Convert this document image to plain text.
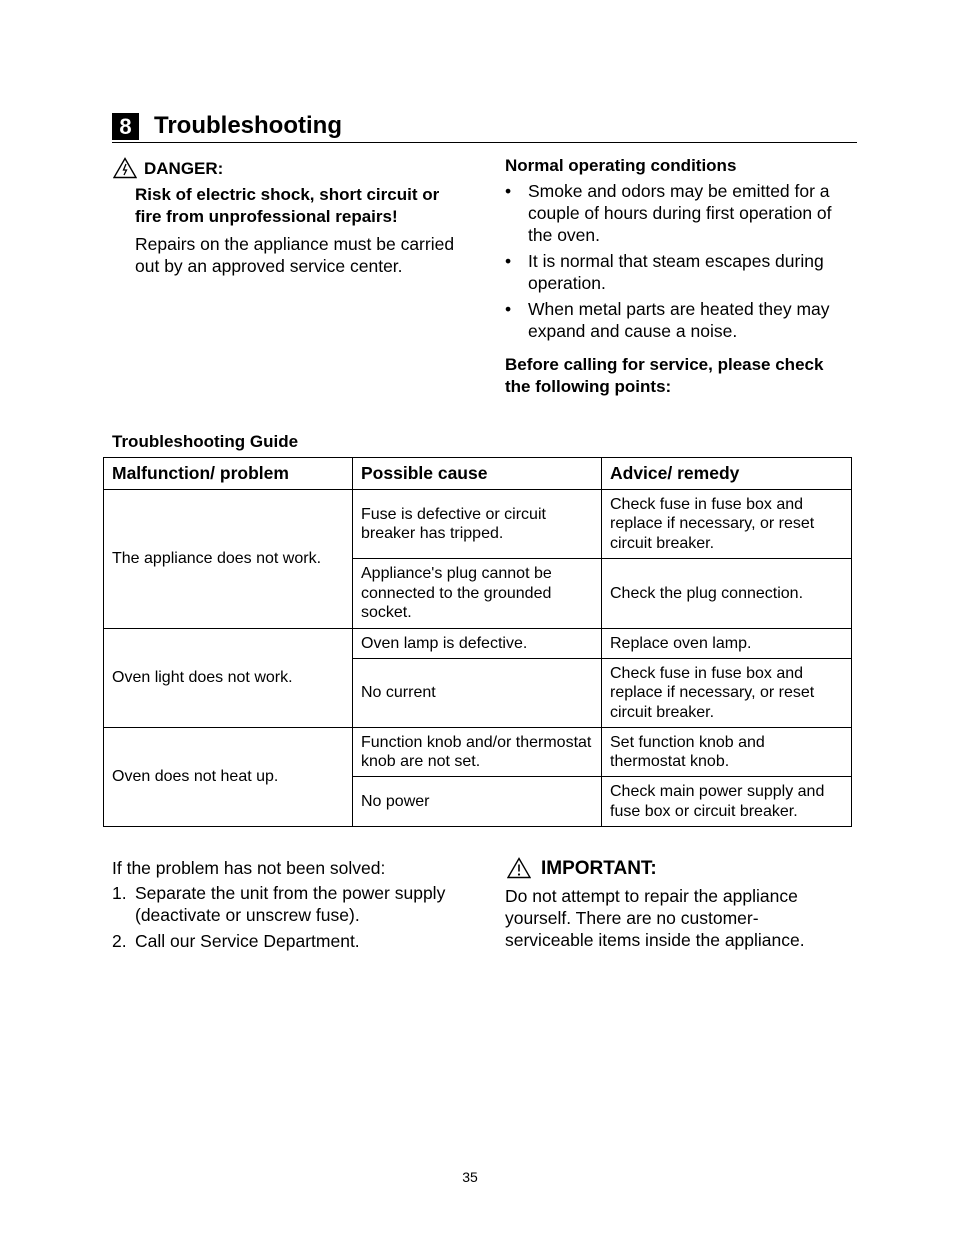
8 Troubleshooting
DANGER:
Risk of electric shock, short circuit or fire from unprofessional repairs!
Repairs on the appliance must be carried out by an approved service center.
Normal operating conditions
• Smoke and odors may be emitted for a couple of hours during first operation of the oven.
• It is normal that steam escapes during operation.
• When metal parts are heated they may expand and cause a noise.
Before calling for service, please check the following points:
Troubleshooting Guide
Malfunction/ problem	Possible cause	Advice/ remedy
The appliance does not work.	Fuse is defective or circuit breaker has tripped.	Check fuse in fuse box and replace if necessary, or reset circuit breaker.
	Appliance's plug cannot be connected to the grounded socket.	Check the plug connection.
Oven light does not work.	Oven lamp is defective.	Replace oven lamp.
	No current	Check fuse in fuse box and replace if necessary, or reset circuit breaker.
Oven does not heat up.	Function knob and/or thermostat knob are not set.	Set function knob and thermostat knob.
	No power	Check main power supply and fuse box or circuit breaker.
If the problem has not been solved:
1. Separate the unit from the power supply (deactivate or unscrew fuse).
2. Call our Service Department.
IMPORTANT:
Do not attempt to repair the appliance yourself. There are no customer-serviceable items inside the appliance.
35
